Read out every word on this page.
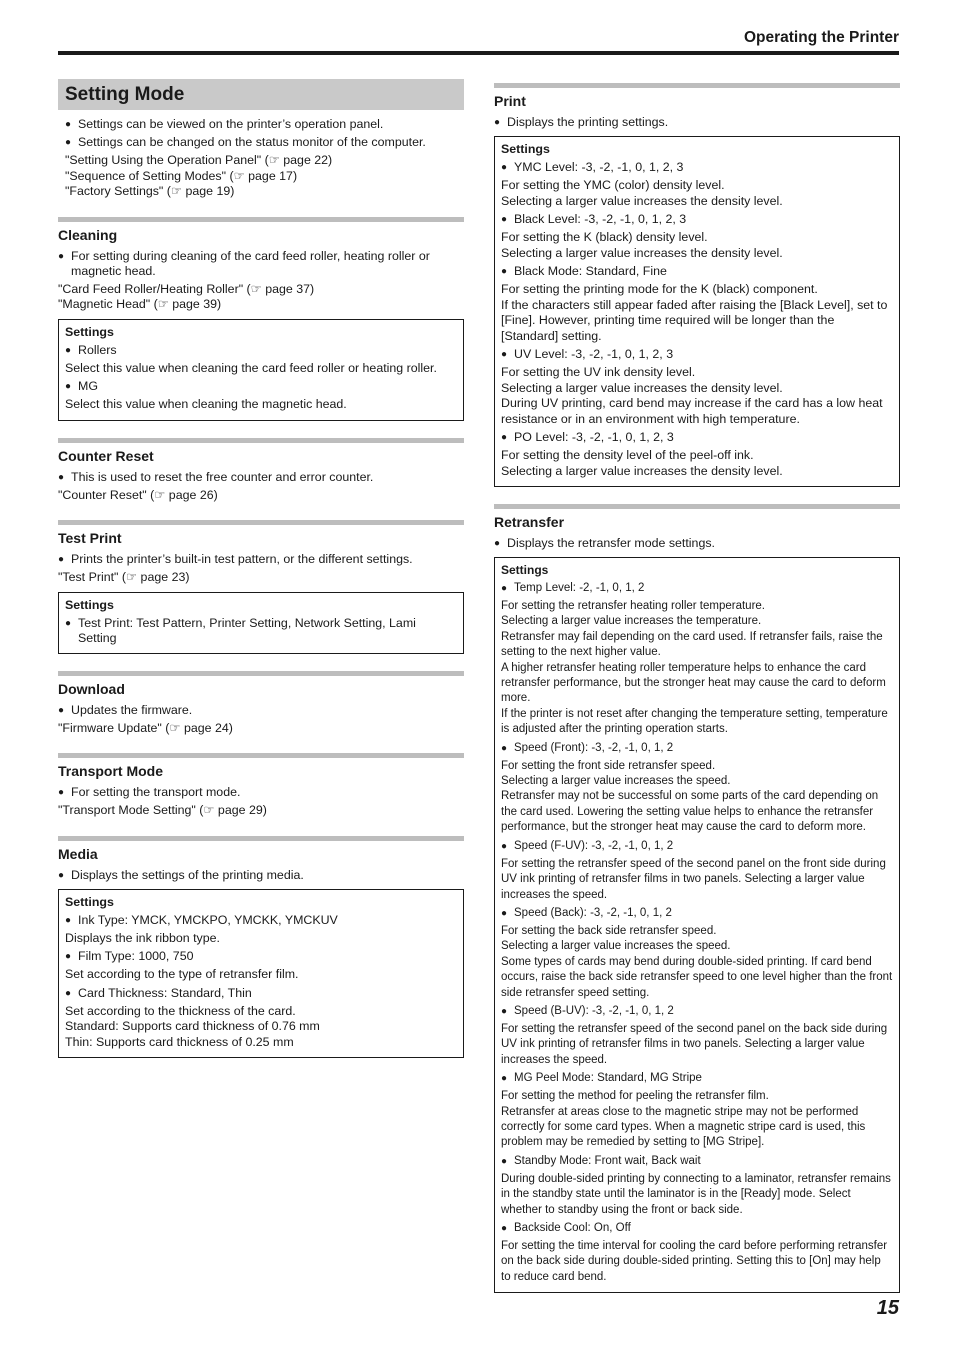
Operating the Printer
Setting Mode
● Settings can be viewed on the printer’s operation panel.
● Settings can be changed on the status monitor of the computer.
"Setting Using the Operation Panel" (☞ page 22)
"Sequence of Setting Modes" (☞ page 17)
"Factory Settings" (☞ page 19)
Cleaning
● For setting during cleaning of the card feed roller, heating roller or magnetic head.
"Card Feed Roller/Heating Roller" (☞ page 37)
"Magnetic Head" (☞ page 39)
Settings
● Rollers
Select this value when cleaning the card feed roller or heating roller.
● MG
Select this value when cleaning the magnetic head.
Counter Reset
● This is used to reset the free counter and error counter.
"Counter Reset" (☞ page 26)
Test Print
● Prints the printer’s built-in test pattern, or the different settings.
"Test Print" (☞ page 23)
Settings
● Test Print: Test Pattern, Printer Setting, Network Setting, Lami Setting
Download
● Updates the firmware.
"Firmware Update" (☞ page 24)
Transport Mode
● For setting the transport mode.
"Transport Mode Setting" (☞ page 29)
Media
● Displays the settings of the printing media.
Settings
● Ink Type: YMCK, YMCKPO, YMCKK, YMCKUV
Displays the ink ribbon type.
● Film Type: 1000, 750
Set according to the type of retransfer film.
● Card Thickness: Standard, Thin
Set according to the thickness of the card.
Standard: Supports card thickness of 0.76 mm
Thin: Supports card thickness of 0.25 mm
Print
● Displays the printing settings.
Settings
● YMC Level: -3, -2, -1, 0, 1, 2, 3
For setting the YMC (color) density level.
Selecting a larger value increases the density level.
● Black Level: -3, -2, -1, 0, 1, 2, 3
For setting the K (black) density level.
Selecting a larger value increases the density level.
● Black Mode: Standard, Fine
For setting the printing mode for the K (black) component.
If the characters still appear faded after raising the [Black Level], set to [Fine]. However, printing time required will be longer than the [Standard] setting.
● UV Level: -3, -2, -1, 0, 1, 2, 3
For setting the UV ink density level.
Selecting a larger value increases the density level.
During UV printing, card bend may increase if the card has a low heat resistance or in an environment with high temperature.
● PO Level: -3, -2, -1, 0, 1, 2, 3
For setting the density level of the peel-off ink.
Selecting a larger value increases the density level.
Retransfer
● Displays the retransfer mode settings.
Settings
● Temp Level: -2, -1, 0, 1, 2
For setting the retransfer heating roller temperature.
Selecting a larger value increases the temperature.
Retransfer may fail depending on the card used. If retransfer fails, raise the setting to the next higher value.
A higher retransfer heating roller temperature helps to enhance the card retransfer performance, but the stronger heat may cause the card to deform more.
If the printer is not reset after changing the temperature setting, temperature is adjusted after the printing operation starts.
● Speed (Front): -3, -2, -1, 0, 1, 2
For setting the front side retransfer speed.
Selecting a larger value increases the speed.
Retransfer may not be successful on some parts of the card depending on the card used. Lowering the setting value helps to enhance the retransfer performance, but the stronger heat may cause the card to deform more.
● Speed (F-UV): -3, -2, -1, 0, 1, 2
For setting the retransfer speed of the second panel on the front side during UV ink printing of retransfer films in two panels. Selecting a larger value increases the speed.
● Speed (Back): -3, -2, -1, 0, 1, 2
For setting the back side retransfer speed.
Selecting a larger value increases the speed.
Some types of cards may bend during double-sided printing. If card bend occurs, raise the back side retransfer speed to one level higher than the front side retransfer speed setting.
● Speed (B-UV): -3, -2, -1, 0, 1, 2
For setting the retransfer speed of the second panel on the back side during UV ink printing of retransfer films in two panels. Selecting a larger value increases the speed.
● MG Peel Mode: Standard, MG Stripe
For setting the method for peeling the retransfer film.
Retransfer at areas close to the magnetic stripe may not be performed correctly for some card types. When a magnetic stripe card is used, this problem may be remedied by setting to [MG Stripe].
● Standby Mode: Front wait, Back wait
During double-sided printing by connecting to a laminator, retransfer remains in the standby state until the laminator is in the [Ready] mode. Select whether to standby using the front or back side.
● Backside Cool: On, Off
For setting the time interval for cooling the card before performing retransfer on the back side during double-sided printing. Setting this to [On] may help to reduce card bend.
15
